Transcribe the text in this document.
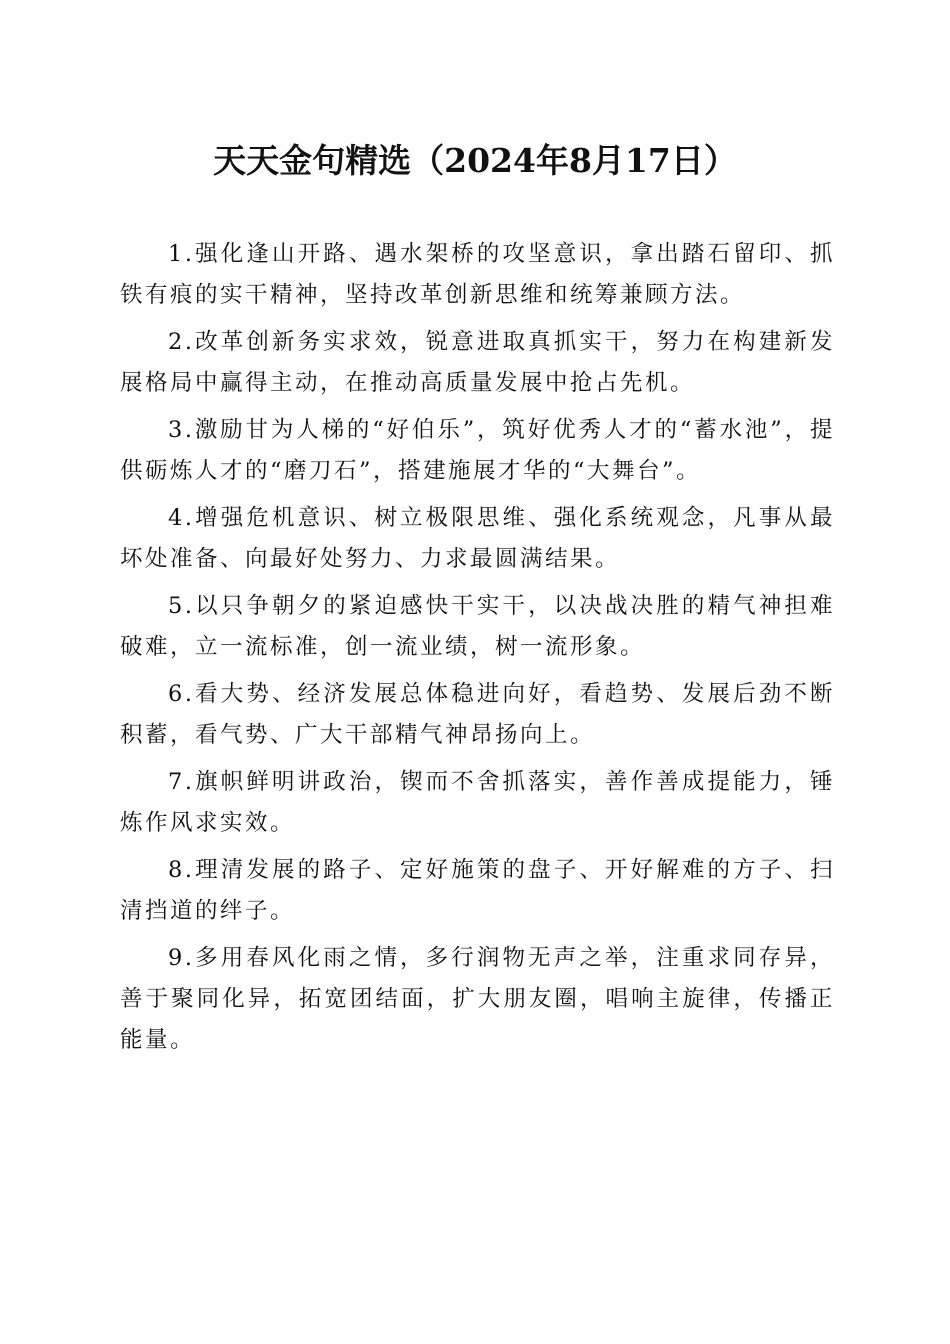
天天金句精选（2024年8月17日）

1.强化逢山开路、遇水架桥的攻坚意识，拿出踏石留印、抓铁有痕的实干精神，坚持改革创新思维和统筹兼顾方法。

2.改革创新务实求效，锐意进取真抓实干，努力在构建新发展格局中赢得主动，在推动高质量发展中抢占先机。

3.激励甘为人梯的“好伯乐”，筑好优秀人才的“蓄水池”，提供砺炼人才的“磨刀石”，搭建施展才华的“大舞台”。

4.增强危机意识、树立极限思维、强化系统观念，凡事从最坏处准备、向最好处努力、力求最圆满结果。

5.以只争朝夕的紧迫感快干实干，以决战决胜的精气神担难破难，立一流标准，创一流业绩，树一流形象。

6.看大势、经济发展总体稳进向好，看趋势、发展后劲不断积蓄，看气势、广大干部精气神昂扬向上。

7.旗帜鲜明讲政治，锲而不舍抓落实，善作善成提能力，锤炼作风求实效。

8.理清发展的路子、定好施策的盘子、开好解难的方子、扫清挡道的绊子。

9.多用春风化雨之情，多行润物无声之举，注重求同存异，善于聚同化异，拓宽团结面，扩大朋友圈，唱响主旋律，传播正能量。
